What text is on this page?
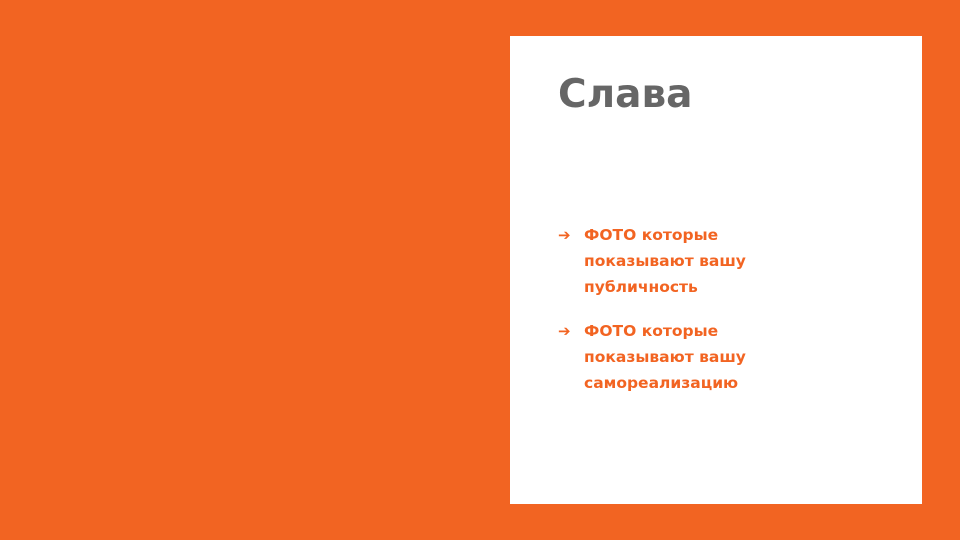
Слава
➔ ФОТО которые показывают вашу публичность
➔ ФОТО которые показывают вашу самореализацию
